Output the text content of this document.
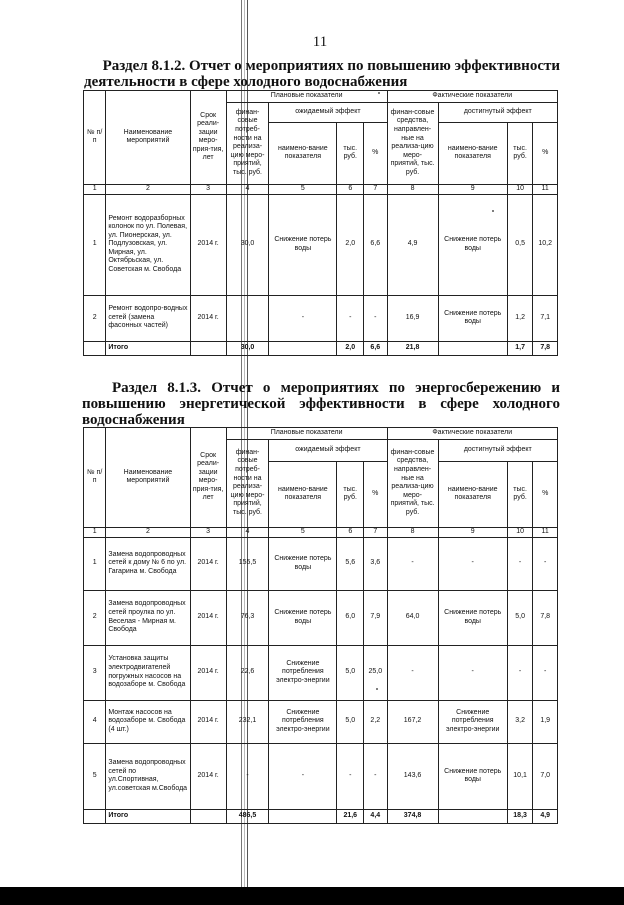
11
Раздел 8.1.2. Отчет о мероприятиях по повышению эффективности
деятельности в сфере холодного водоснабжения
№ п/п	Наименование мероприятий	Срок реали-зации меро-прия-тия, лет	Плановые показатели				Фактические показатели			
			финан-совые потреб-ности на реализа-цию меро-приятий, тыс. руб.	ожидаемый эффект			финан-совые средства, направлен-ные на реализа-цию меро-приятий, тыс. руб.	достигнутый эффект		
				наимено-вание показателя	тыс. руб.	%		наимено-вание показателя	тыс. руб.	%
1	2	3	4	5	6	7	8	9	10	11
1	Ремонт водоразборных колонок по ул. Полевая, ул. Пионерская, ул. Подлузовская, ул. Мирная, ул. Октябрьская, ул. Советская м. Свобода	2014 г.	30,0	Снижение потерь воды	2,0	6,6	4,9	Снижение потерь воды	0,5	10,2
2	Ремонт водопро-водных сетей (замена фасонных частей)	2014 г.		-	-	-	16,9	Снижение потерь воды	1,2	7,1
	Итого		30,0		2,0	6,6	21,8		1,7	7,8
Раздел 8.1.3. Отчет о мероприятиях по энергосбережению и
повышению энергетической эффективности в сфере холодного
водоснабжения
№ п/п	Наименование мероприятий	Срок реали-зации меро-прия-тия, лет	Плановые показатели				Фактические показатели			
			финан-совые потреб-ности на реализа-цию меро-приятий, тыс. руб.	ожидаемый эффект			финан-совые средства, направлен-ные на реализа-цию меро-приятий, тыс. руб.	достигнутый эффект		
				наимено-вание показателя	тыс. руб.	%		наимено-вание показателя	тыс. руб.	%
1	2	3	4	5	6	7	8	9	10	11
1	Замена водопроводных сетей к дому № 6 по ул. Гагарина м. Свобода	2014 г.	155,5	Снижение потерь воды	5,6	3,6	-	-	-	-
2	Замена водопроводных сетей проулка по ул. Веселая - Мирная м. Свобода	2014 г.	76,3	Снижение потерь воды	6,0	7,9	64,0	Снижение потерь воды	5,0	7,8
3	Установка защиты электродвигателей погружных насосов на водозаборе м. Свобода	2014 г.	22,6	Снижение потребления электро-энергии	5,0	25,0	-	-	-	-
4	Монтаж насосов на водозаборе м. Свобода (4 шт.)	2014 г.	232,1	Снижение потребления электро-энергии	5,0	2,2	167,2	Снижение потребления электро-энергии	3,2	1,9
5	Замена водопроводных сетей по ул.Спортивная, ул.советская м.Свобода	2014 г.	-	-	-	-	143,6	Снижение потерь воды	10,1	7,0
	Итого		486,5		21,6	4,4	374,8		18,3	4,9
